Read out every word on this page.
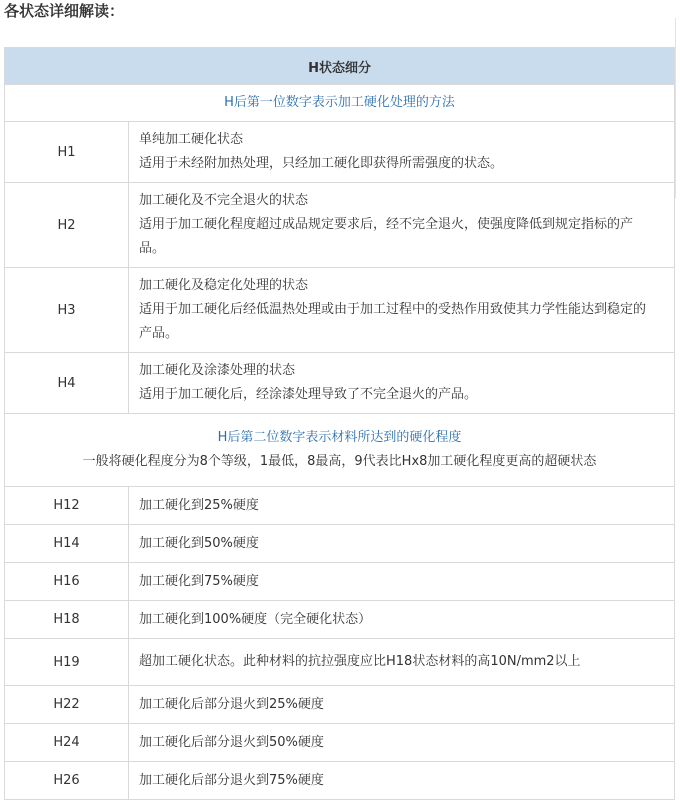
各状态详细解读：
H状态细分	

H后第一位数字表示加工硬化处理的方法	

H1	单纯加工硬化状态
适用于未经附加热处理，只经加工硬化即获得所需强度的状态。

H2	加工硬化及不完全退火的状态
适用于加工硬化程度超过成品规定要求后，经不完全退火，使强度降低到规定指标的产品。

H3	加工硬化及稳定化处理的状态
适用于加工硬化后经低温热处理或由于加工过程中的受热作用致使其力学性能达到稳定的产品。

H4	加工硬化及涂漆处理的状态
适用于加工硬化后，经涂漆处理导致了不完全退火的产品。

H后第二位数字表示材料所达到的硬化程度
一般将硬化程度分为8个等级，1最低，8最高，9代表比Hx8加工硬化程度更高的超硬状态	

H12	加工硬化到25%硬度
H14	加工硬化到50%硬度
H16	加工硬化到75%硬度
H18	加工硬化到100%硬度（完全硬化状态）
H19	超加工硬化状态。此种材料的抗拉强度应比H18状态材料的高10N/mm2以上
H22	加工硬化后部分退火到25%硬度
H24	加工硬化后部分退火到50%硬度
H26	加工硬化后部分退火到75%硬度
